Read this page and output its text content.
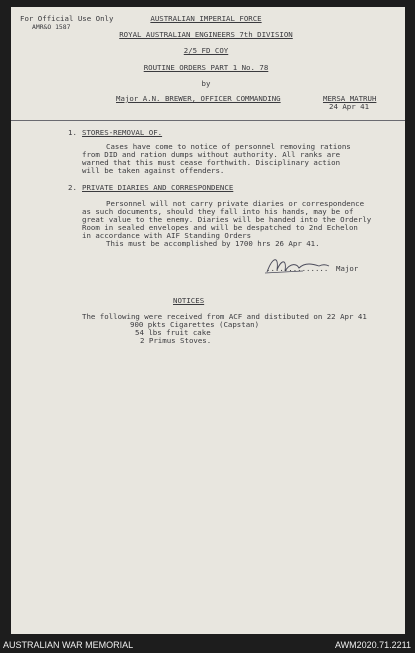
For Official Use Only
AMR&O 1587
AUSTRALIAN IMPERIAL FORCE
ROYAL AUSTRALIAN ENGINEERS 7th DIVISION
2/5 FD COY
ROUTINE ORDERS PART 1 No. 78
by
Major A.N. BREWER, OFFICER COMMANDING	MERSA MATRUH
24 Apr 41
1. STORES-REMOVAL OF.
Cases have come to notice of personnel removing rations
from DID and ration dumps without authority. All ranks are
warned that this must cease forthwith. Disciplinary action
will be taken against offenders.
2. PRIVATE DIARIES AND CORRESPONDENCE
Personnel will not carry private diaries or correspondence
as such documents, should they fall into his hands, may be of
great value to the enemy. Diaries will be handed into the Orderly
Room in sealed envelopes and will be despatched to 2nd Echelon
in accordance with AIF Standing Orders
This must be accomplished by 1700 hrs 26 Apr 41.
.............. Major
NOTICES
The following were received from ACF and distibuted on 22 Apr 41
900 pkts Cigarettes (Capstan)
54 lbs fruit cake
2 Primus Stoves.
AUSTRALIAN WAR MEMORIAL	AWM2020.71.2211
